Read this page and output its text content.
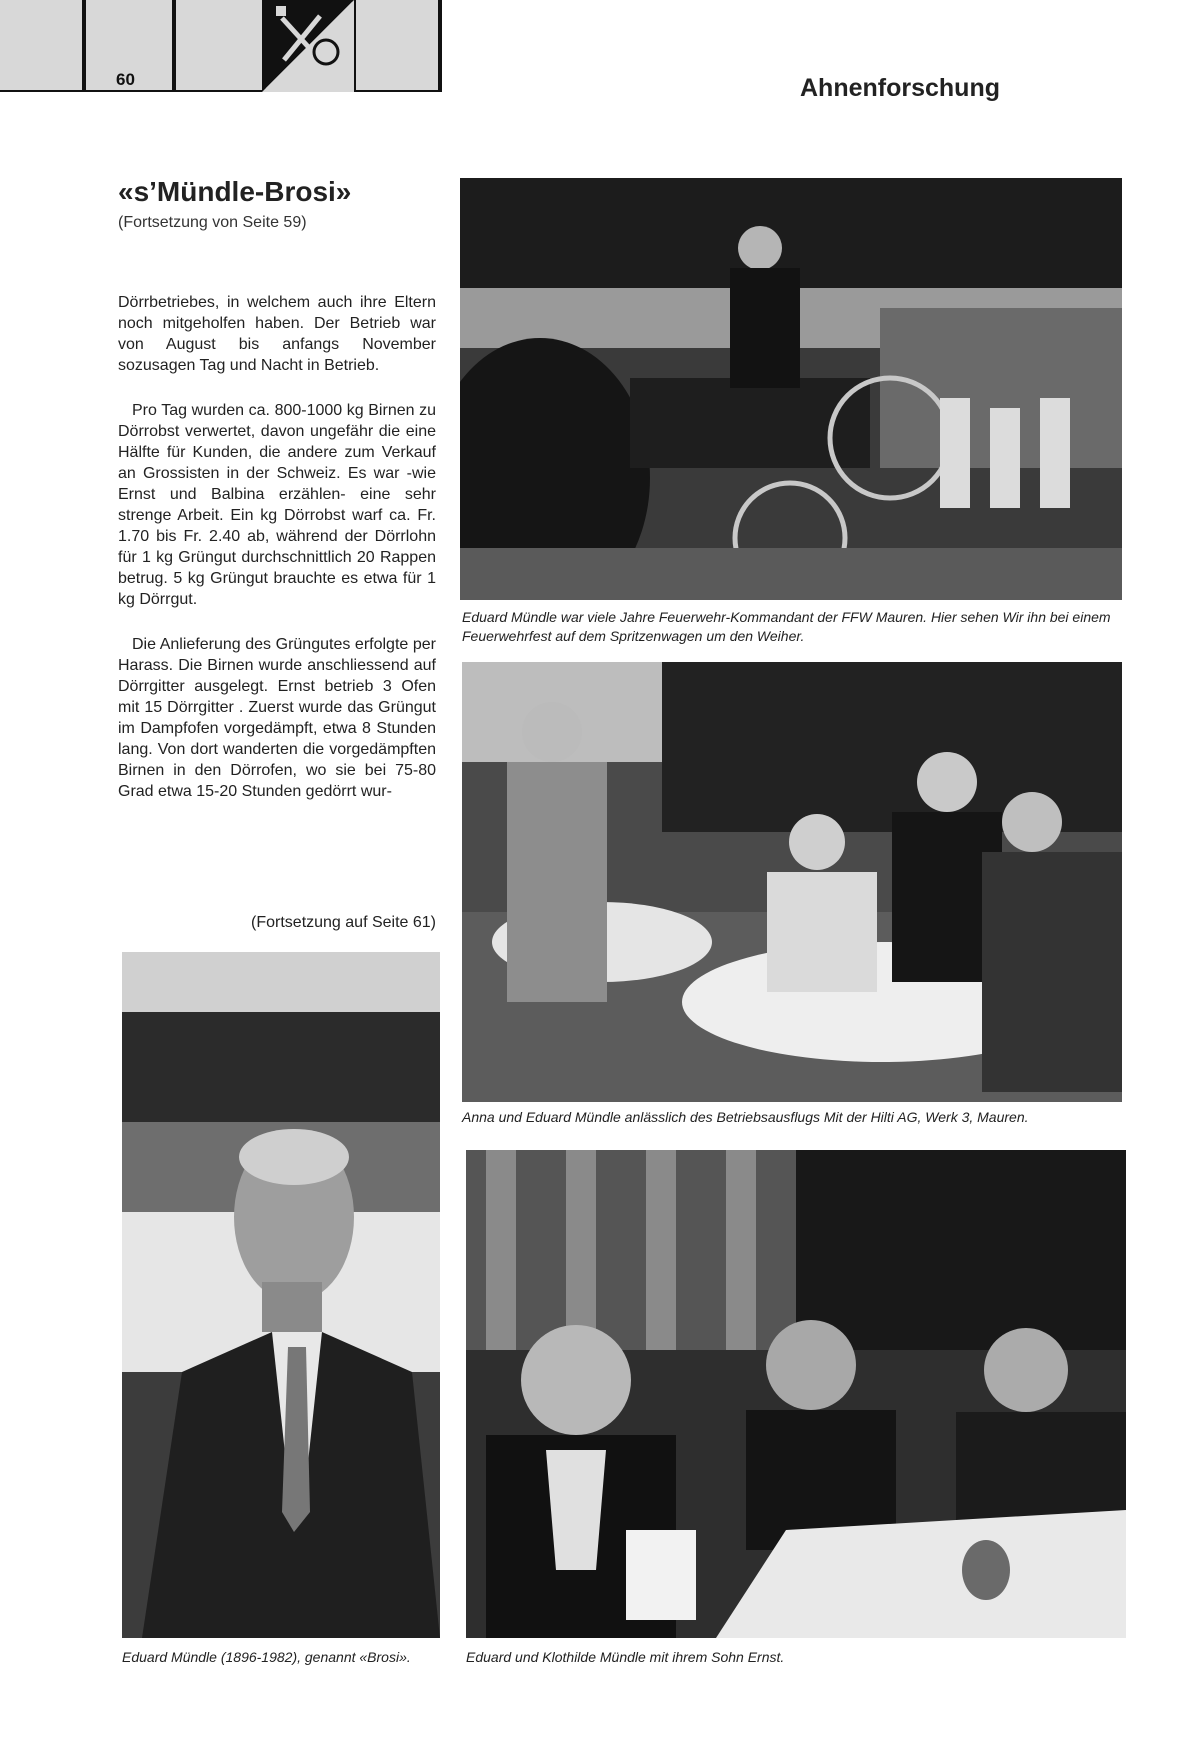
60	Ahnenforschung
«s’Mündle-Brosi»
(Fortsetzung von Seite 59)

Dörrbetriebes, in welchem auch ihre Eltern noch mitgeholfen haben. Der Betrieb war von August bis anfangs November sozusagen Tag und Nacht in Betrieb.

Pro Tag wurden ca. 800-1000 kg Birnen zu Dörrobst verwertet, davon ungefähr die eine Hälfte für Kunden, die andere zum Verkauf an Grossisten in der Schweiz. Es war -wie Ernst und Balbina erzählen- eine sehr strenge Arbeit. Ein kg Dörrobst warf ca. Fr. 1.70 bis Fr. 2.40 ab, während der Dörrlohn für 1 kg Grüngut durchschnittlich 20 Rappen betrug. 5 kg Grüngut brauchte es etwa für 1 kg Dörrgut.

Die Anlieferung des Grüngutes erfolgte per Harass. Die Birnen wurde anschliessend auf Dörrgitter ausgelegt. Ernst betrieb 3 Ofen mit 15 Dörrgitter . Zuerst wurde das Grüngut im Dampfofen vorgedämpft, etwa 8 Stunden lang. Von dort wanderten die vorgedämpften Birnen in den Dörrofen, wo sie bei 75-80 Grad etwa 15-20 Stunden gedörrt wur-

(Fortsetzung auf Seite 61)
Eduard Mündle war viele Jahre Feuerwehr-Kommandant der FFW Mauren. Hier sehen Wir ihn bei einem Feuerwehrfest auf dem Spritzenwagen um den Weiher.
Anna und Eduard Mündle anlässlich des Betriebsausflugs Mit der Hilti AG, Werk 3, Mauren.
Eduard Mündle (1896-1982), genannt «Brosi».	Eduard und Klothilde Mündle mit ihrem Sohn Ernst.
